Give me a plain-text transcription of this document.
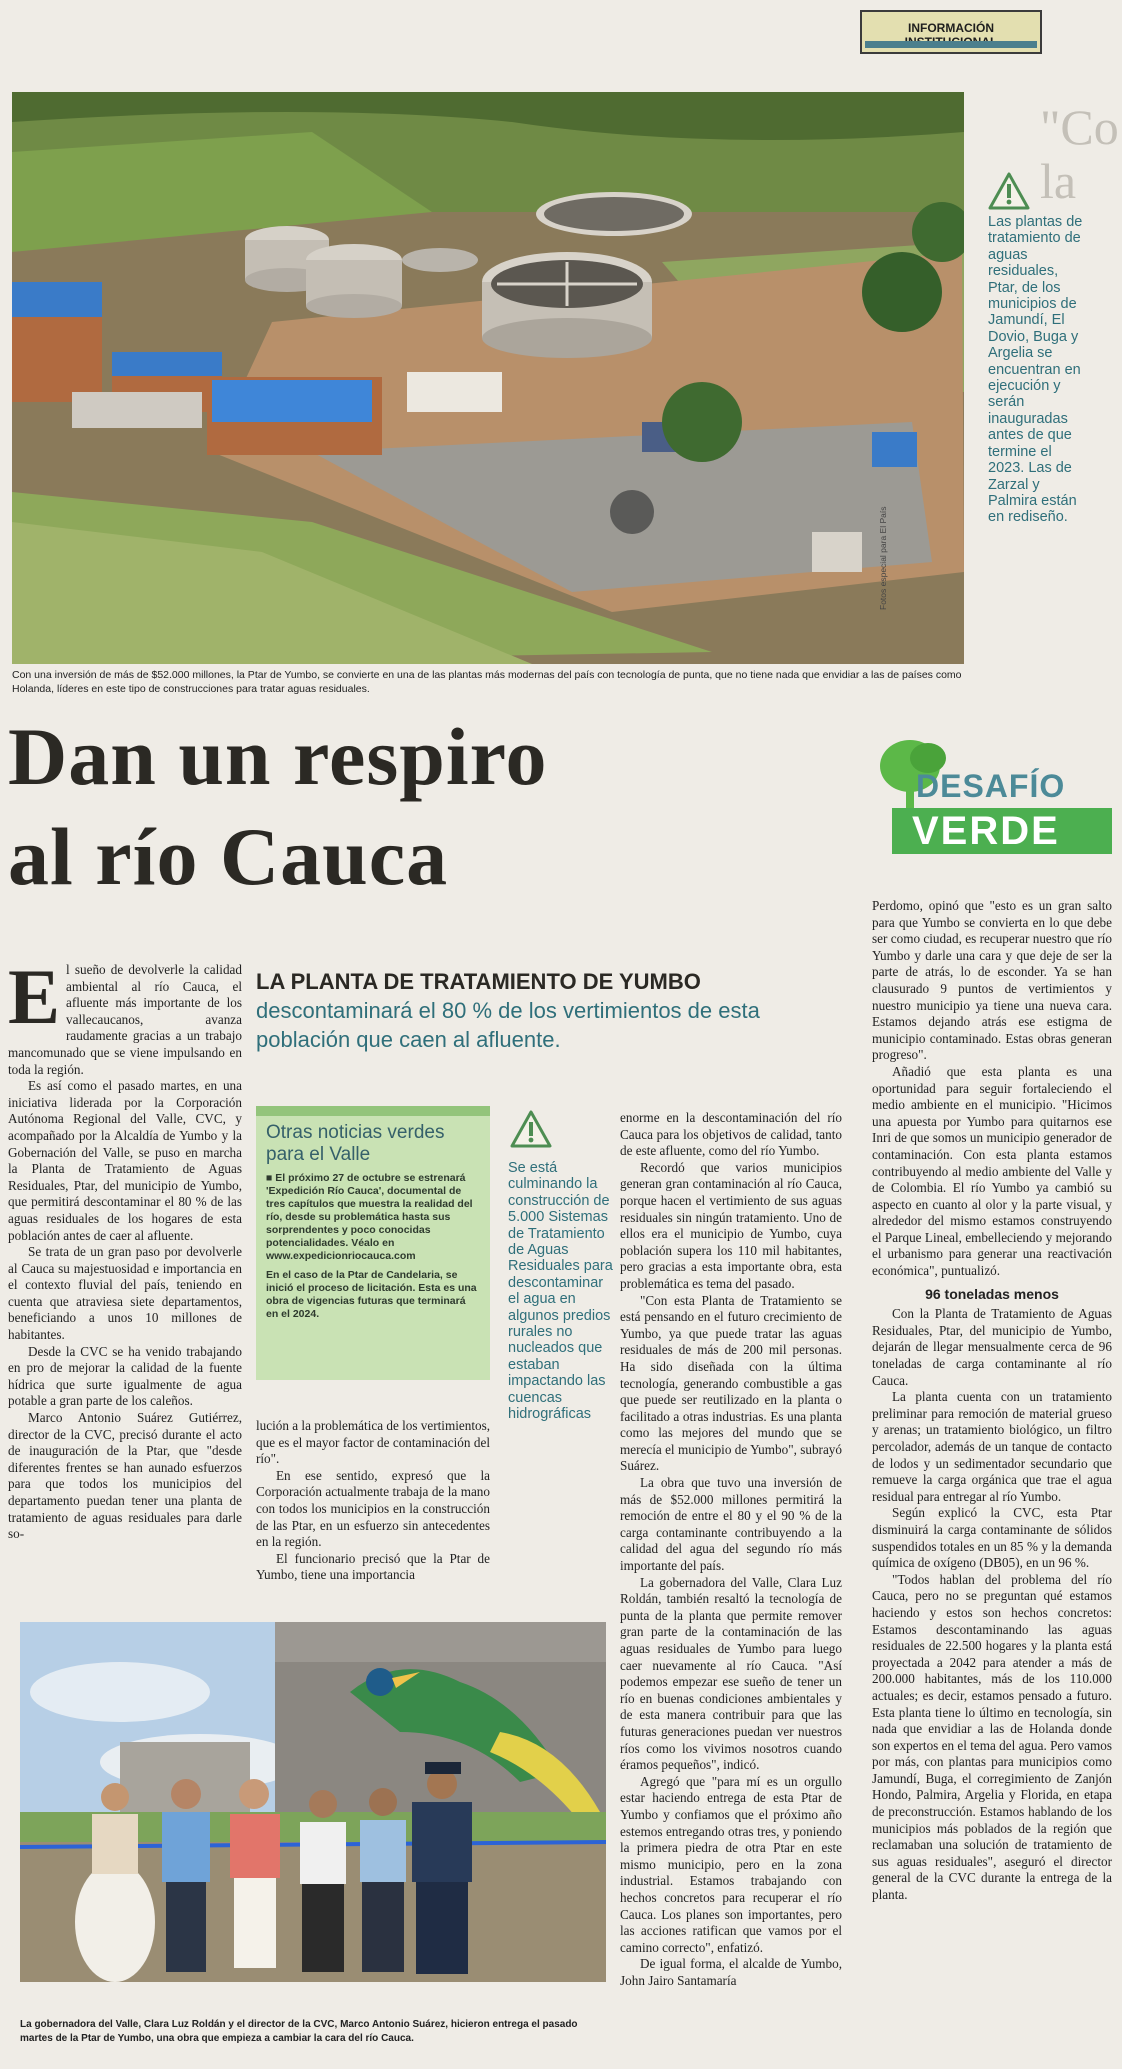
INFORMACIÓN
"Co la
Fotos especial para El País
Con una inversión de más de $52.000 millones, la Ptar de Yumbo, se convierte en una de las plantas más modernas del país con tecnología de punta, que no tiene nada que envidiar a las de países como Holanda, líderes en este tipo de construcciones para tratar aguas residuales.
Las plantas de tratamiento de aguas residuales, Ptar, de los municipios de Jamundí, El Dovio, Buga y Argelia se encuentran en ejecución y serán inauguradas antes de que termine el 2023. Las de Zarzal y Palmira están en rediseño.
Dan un respiro
al río Cauca
DESAFÍO
VERDE
LA PLANTA DE TRATAMIENTO DE YUMBO
descontaminará el 80 % de los vertimientos de esta población que caen al afluente.
E l sueño de devolverle la calidad ambiental al río Cauca, el afluente más importante de los vallecaucanos, avanza raudamente gracias a un trabajo mancomunado que se viene impulsando en toda la región.

Es así como el pasado martes, en una iniciativa liderada por la Corporación Autónoma Regional del Valle, CVC, y acompañado por la Alcaldía de Yumbo y la Gobernación del Valle, se puso en marcha la Planta de Tratamiento de Aguas Residuales, Ptar, del municipio de Yumbo, que permitirá descontaminar el 80 % de las aguas residuales de los hogares de esta población antes de caer al afluente.

Se trata de un gran paso por devolverle al Cauca su majestuosidad e importancia en el contexto fluvial del país, teniendo en cuenta que atraviesa siete departamentos, beneficiando a unos 10 millones de habitantes.

Desde la CVC se ha venido trabajando en pro de mejorar la calidad de la fuente hídrica que surte igualmente de agua potable a gran parte de los caleños.

Marco Antonio Suárez Gutiérrez, director de la CVC, precisó durante el acto de inauguración de la Ptar, que "desde diferentes frentes se han aunado esfuerzos para que todos los municipios del departamento puedan tener una planta de tratamiento de aguas residuales para darle so-

Otras noticias verdes para el Valle
■ El próximo 27 de octubre se estrenará 'Expedición Río Cauca', documental de tres capítulos que muestra la realidad del río, desde su problemática hasta sus sorprendentes y poco conocidas potencialidades. Véalo en www.expedicionriocauca.com
En el caso de la Ptar de Candelaria, se inició el proceso de licitación. Esta es una obra de vigencias futuras que terminará en el 2024.
Se está culminando la construcción de 5.000 Sistemas de Tratamiento de Aguas Residuales para descontaminar el agua en algunos predios rurales no nucleados que estaban impactando las cuencas hidrográficas

lución a la problemática de los vertimientos, que es el mayor factor de contaminación del río".

En ese sentido, expresó que la Corporación actualmente trabaja de la mano con todos los municipios en la construcción de las Ptar, en un esfuerzo sin antecedentes en la región.

El funcionario precisó que la Ptar de Yumbo, tiene una importancia

enorme en la descontaminación del río Cauca para los objetivos de calidad, tanto de este afluente, como del río Yumbo.

Recordó que varios municipios generan gran contaminación al río Cauca, porque hacen el vertimiento de sus aguas residuales sin ningún tratamiento. Uno de ellos era el municipio de Yumbo, cuya población supera los 110 mil habitantes, pero gracias a esta importante obra, esta problemática es tema del pasado.

"Con esta Planta de Tratamiento se está pensando en el futuro crecimiento de Yumbo, ya que puede tratar las aguas residuales de más de 200 mil personas. Ha sido diseñada con la última tecnología, generando combustible a gas que puede ser reutilizado en la planta o facilitado a otras industrias. Es una planta como las mejores del mundo que se merecía el municipio de Yumbo", subrayó Suárez.

La obra que tuvo una inversión de más de $52.000 millones permitirá la remoción de entre el 80 y el 90 % de la carga contaminante contribuyendo a la calidad del agua del segundo río más importante del país.

La gobernadora del Valle, Clara Luz Roldán, también resaltó la tecnología de punta de la planta que permite remover gran parte de la contaminación de las aguas residuales de Yumbo para luego caer nuevamente al río Cauca. "Así podemos empezar ese sueño de tener un río en buenas condiciones ambientales y de esta manera contribuir para que las futuras generaciones puedan ver nuestros ríos como los vivimos nosotros cuando éramos pequeños", indicó.

Agregó que "para mí es un orgullo estar haciendo entrega de esta Ptar de Yumbo y confiamos que el próximo año estemos entregando otras tres, y poniendo la primera piedra de otra Ptar en este mismo municipio, pero en la zona industrial. Estamos trabajando con hechos concretos para recuperar el río Cauca. Los planes son importantes, pero las acciones ratifican que vamos por el camino correcto", enfatizó.

De igual forma, el alcalde de Yumbo, John Jairo Santamaría

Perdomo, opinó que "esto es un gran salto para que Yumbo se convierta en lo que debe ser como ciudad, es recuperar nuestro que río Yumbo y darle una cara y que deje de ser la parte de atrás, lo de esconder. Ya se han clausurado 9 puntos de vertimientos y nuestro municipio ya tiene una nueva cara. Estamos dejando atrás ese estigma de municipio contaminado. Estas obras generan progreso".

Añadió que esta planta es una oportunidad para seguir fortaleciendo el medio ambiente en el municipio. "Hicimos una apuesta por Yumbo para quitarnos ese Inri de que somos un municipio generador de contaminación. Con esta planta estamos contribuyendo al medio ambiente del Valle y de Colombia. El río Yumbo ya cambió su aspecto en cuanto al olor y la parte visual, y alrededor del mismo estamos construyendo el Parque Lineal, embelleciendo y mejorando el urbanismo para generar una reactivación económica", puntualizó.

96 toneladas menos

Con la Planta de Tratamiento de Aguas Residuales, Ptar, del municipio de Yumbo, dejarán de llegar mensualmente cerca de 96 toneladas de carga contaminante al río Cauca.

La planta cuenta con un tratamiento preliminar para remoción de material grueso y arenas; un tratamiento biológico, un filtro percolador, además de un tanque de contacto de lodos y un sedimentador secundario que remueve la carga orgánica que trae el agua residual para entregar al río Yumbo.

Según explicó la CVC, esta Ptar disminuirá la carga contaminante de sólidos suspendidos totales en un 85 % y la demanda química de oxígeno (DB05), en un 96 %.

"Todos hablan del problema del río Cauca, pero no se preguntan qué estamos haciendo y estos son hechos concretos: Estamos descontaminando las aguas residuales de 22.500 hogares y la planta está proyectada a 2042 para atender a más de 200.000 habitantes, más de los 110.000 actuales; es decir, estamos pensado a futuro. Esta planta tiene lo último en tecnología, sin nada que envidiar a las de Holanda donde son expertos en el tema del agua. Pero vamos por más, con plantas para municipios como Jamundí, Buga, el corregimiento de Zanjón Hondo, Palmira, Argelia y Florida, en etapa de preconstrucción. Estamos hablando de los municipios más poblados de la región que reclamaban una solución de tratamiento de sus aguas residuales", aseguró el director general de la CVC durante la entrega de la planta.

La gobernadora del Valle, Clara Luz Roldán y el director de la CVC, Marco Antonio Suárez, hicieron entrega el pasado martes de la Ptar de Yumbo, una obra que empieza a cambiar la cara del río Cauca.
